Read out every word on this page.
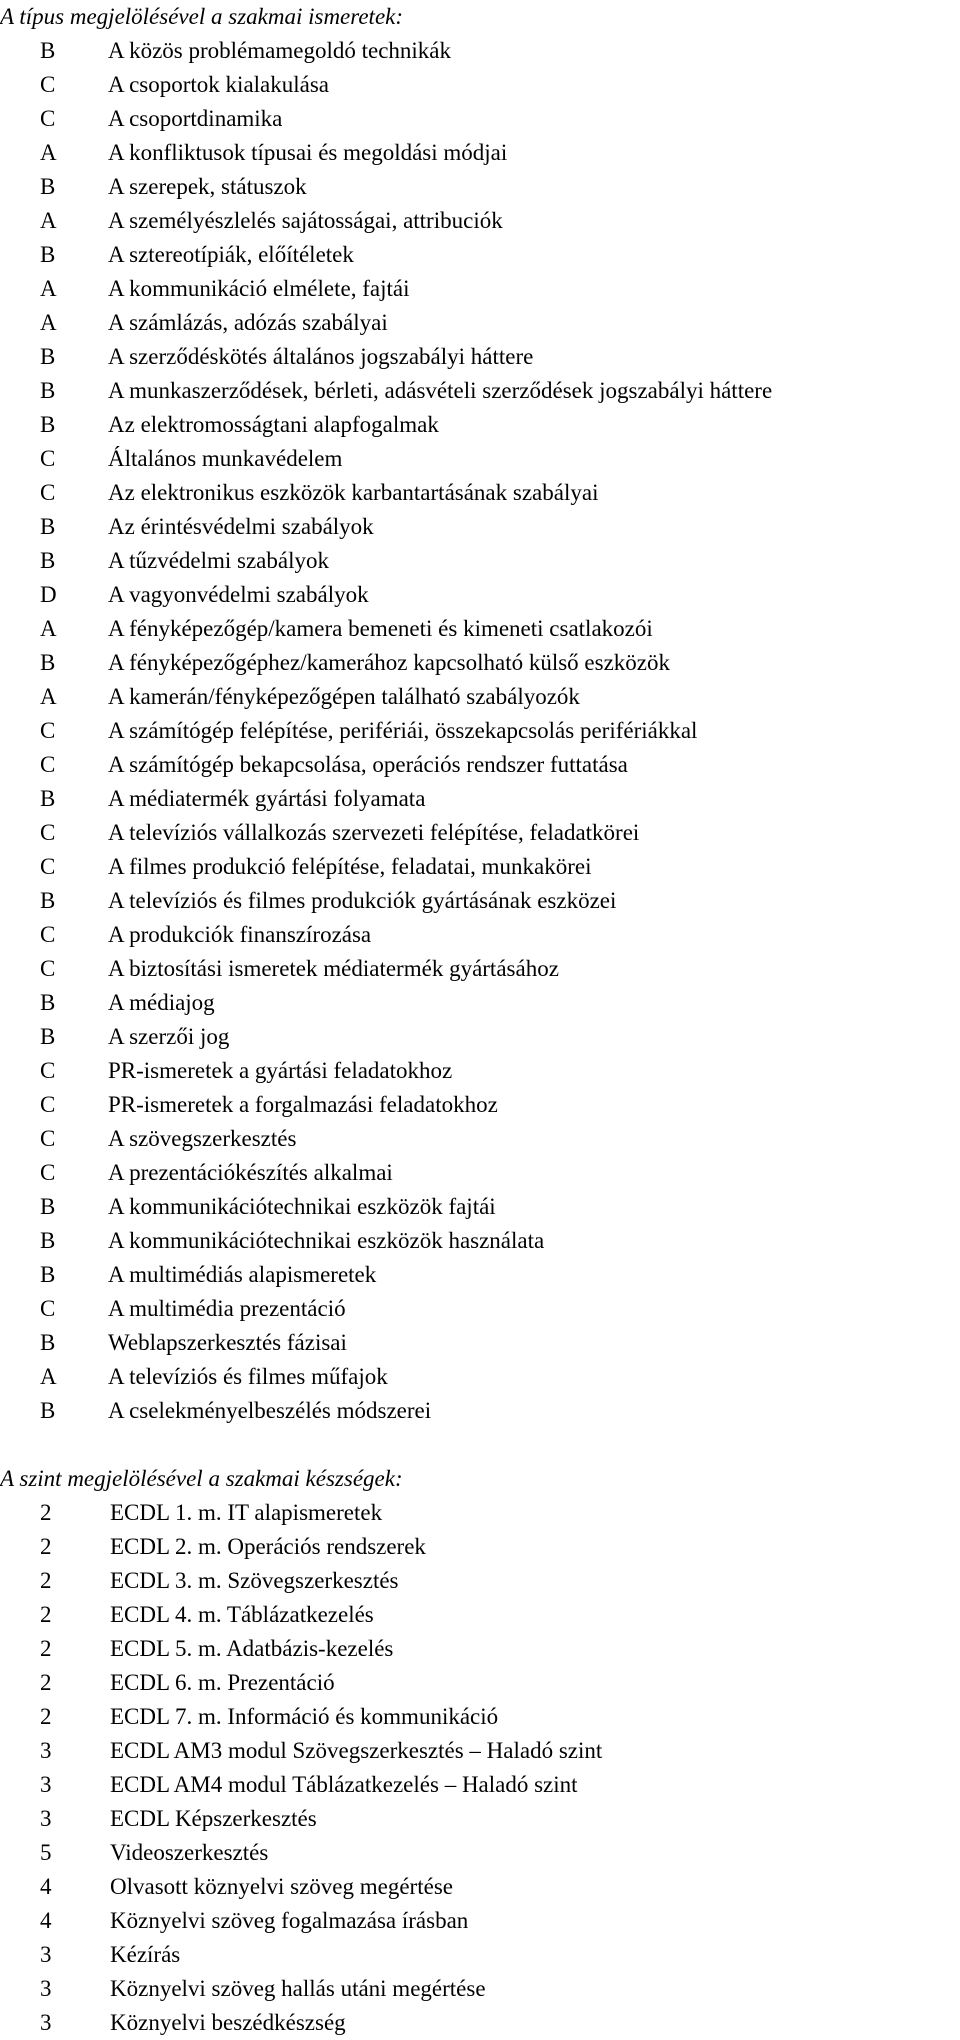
A típus megjelölésével a szakmai ismeretek:
B	A közös problémamegoldó technikák
C	A csoportok kialakulása
C	A csoportdinamika
A	A konfliktusok típusai és megoldási módjai
B	A szerepek, státuszok
A	A személyészlelés sajátosságai, attribuciók
B	A sztereotípiák, előítéletek
A	A kommunikáció elmélete, fajtái
A	A számlázás, adózás szabályai
B	A szerződéskötés általános jogszabályi háttere
B	A munkaszerződések, bérleti, adásvételi szerződések jogszabályi háttere
B	Az elektromosságtani alapfogalmak
C	Általános munkavédelem
C	Az elektronikus eszközök karbantartásának szabályai
B	Az érintésvédelmi szabályok
B	A tűzvédelmi szabályok
D	A vagyonvédelmi szabályok
A	A fényképezőgép/kamera bemeneti és kimeneti csatlakozói
B	A fényképezőgéphez/kamerához kapcsolható külső eszközök
A	A kamerán/fényképezőgépen található szabályozók
C	A számítógép felépítése, perifériái, összekapcsolás perifériákkal
C	A számítógép bekapcsolása, operációs rendszer futtatása
B	A médiatermék gyártási folyamata
C	A televíziós vállalkozás szervezeti felépítése, feladatkörei
C	A filmes produkció felépítése, feladatai, munkakörei
B	A televíziós és filmes produkciók gyártásának eszközei
C	A produkciók finanszírozása
C	A biztosítási ismeretek médiatermék gyártásához
B	A médiajog
B	A szerzői jog
C	PR-ismeretek a gyártási feladatokhoz
C	PR-ismeretek a forgalmazási feladatokhoz
C	A szövegszerkesztés
C	A prezentációkészítés alkalmai
B	A kommunikációtechnikai eszközök fajtái
B	A kommunikációtechnikai eszközök használata
B	A multimédiás alapismeretek
C	A multimédia prezentáció
B	Weblapszerkesztés fázisai
A	A televíziós és filmes műfajok
B	A cselekményelbeszélés módszerei
A szint megjelölésével a szakmai készségek:
2	ECDL 1. m. IT alapismeretek
2	ECDL 2. m. Operációs rendszerek
2	ECDL 3. m. Szövegszerkesztés
2	ECDL 4. m. Táblázatkezelés
2	ECDL 5. m. Adatbázis-kezelés
2	ECDL 6. m. Prezentáció
2	ECDL 7. m. Információ és kommunikáció
3	ECDL AM3 modul Szövegszerkesztés – Haladó szint
3	ECDL AM4 modul Táblázatkezelés – Haladó szint
3	ECDL Képszerkesztés
5	Videoszerkesztés
4	Olvasott köznyelvi szöveg megértése
4	Köznyelvi szöveg fogalmazása írásban
3	Kézírás
3	Köznyelvi szöveg hallás utáni megértése
3	Köznyelvi beszédkészség
